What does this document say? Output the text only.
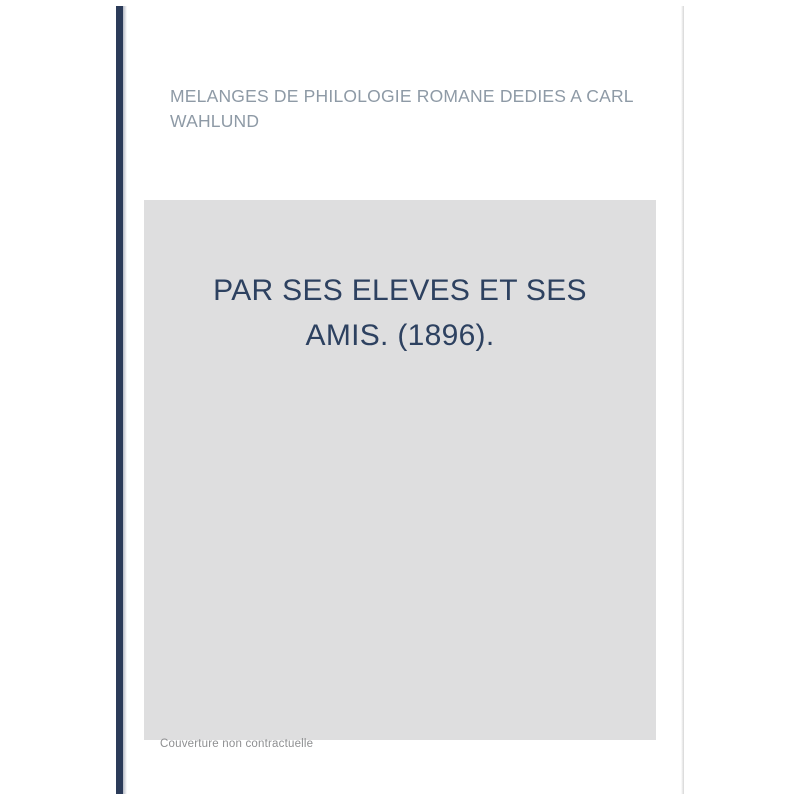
MELANGES DE PHILOLOGIE ROMANE DEDIES A CARL WAHLUND
PAR SES ELEVES ET SES AMIS. (1896).
Couverture non contractuelle
